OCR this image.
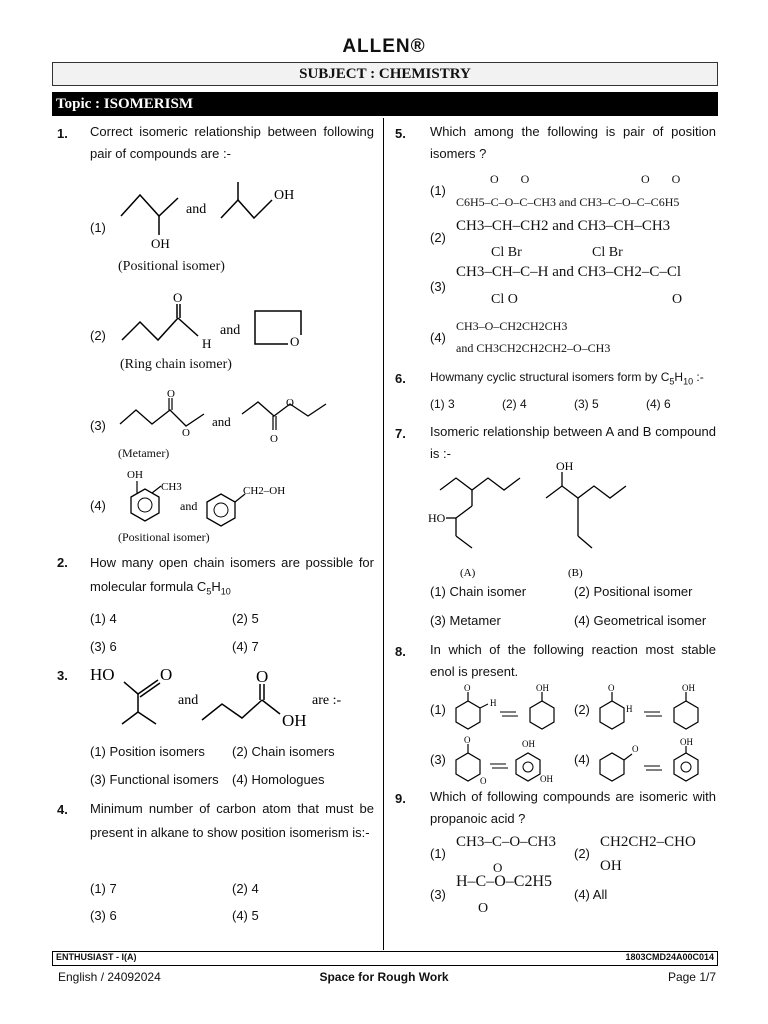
ALLEN®
SUBJECT : CHEMISTRY
Topic : ISOMERISM
1. Correct isomeric relationship between following pair of compounds are :-
(1)
OH
and
OH
(Positional isomer)
(2)
O
H
and
O
(Ring chain isomer)
(3)
O
O
and
O
O
(Metamer)
(4)
OH
CH3
and
CH2–OH
(Positional isomer)
2. How many open chain isomers are possible for molecular formula $C_5H_{10}$
(1) 4	(2) 5
(3) 6	(4) 7
3. HO	O
and
O
OH
are :-
(1) Position isomers (2) Chain isomers
(3) Functional isomers (4) Homologues
4. Minimum number of carbon atom that must be present in alkane to show position isomerism is:-
(1) 7	(2) 4
(3) 6	(4) 5
5. Which among the following is pair of position isomers ?
(1)
OO	OO
C6H5–C–O–C–CH3 and CH3–C–O–C–C6H5
(2)
CH3–CH–CH2 and CH3–CH–CH3
Cl Br	Cl Br
(3)
CH3–CH–C–H and CH3–CH2–C–Cl
Cl O	O
(4)
CH3–O–CH2CH2CH3
and CH3CH2CH2CH2–O–CH3
6. Howmany cyclic structural isomers form by $C_5H_{10}$ :-
(1) 3	(2) 4	(3) 5	(4) 6
7. Isomeric relationship between A and B compound is :-
HO
(A)
OH
(B)
(1) Chain isomer	(2) Positional isomer
(3) Metamer	(4) Geometrical isomer
8. In which of the following reaction most stable enol is present.
(1)
O
H
OH
(2)
O
H
OH
(3)
O
O
OH
OH
(4)
O
OH
9. Which of following compounds are isomeric with propanoic acid ?
(1)
CH3–C–O–CH3
O
(2)
CH2CH2–CHO
OH
(3)
H–C–O–C2H5
O
(4) All
ENTHUSIAST - I(A)	1803CMD24A00C014
English / 24092024	Space for Rough Work	Page 1/7
